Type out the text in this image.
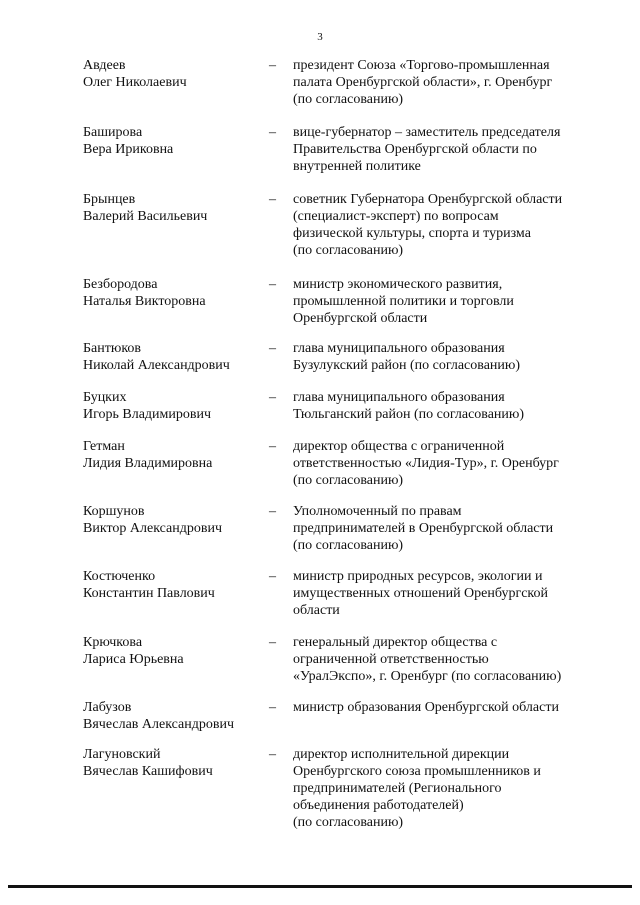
3
Авдеев
Олег Николаевич
– президент Союза «Торгово-промышленная
палата Оренбургской области», г. Оренбург
(по согласованию)
Баширова
Вера Ириковна
– вице-губернатор – заместитель председателя
Правительства Оренбургской области по
внутренней политике
Брынцев
Валерий Васильевич
– советник Губернатора Оренбургской области
(специалист-эксперт) по вопросам
физической культуры, спорта и туризма
(по согласованию)
Безбородова
Наталья Викторовна
– министр экономического развития,
промышленной политики и торговли
Оренбургской области
Бантюков
Николай Александрович
– глава муниципального образования
Бузулукский район (по согласованию)
Буцких
Игорь Владимирович
– глава муниципального образования
Тюльганский район (по согласованию)
Гетман
Лидия Владимировна
– директор общества с ограниченной
ответственностью «Лидия-Тур», г. Оренбург
(по согласованию)
Коршунов
Виктор Александрович
– Уполномоченный по правам
предпринимателей в Оренбургской области
(по согласованию)
Костюченко
Константин Павлович
– министр природных ресурсов, экологии и
имущественных отношений Оренбургской
области
Крючкова
Лариса Юрьевна
– генеральный директор общества с
ограниченной ответственностью
«УралЭкспо», г. Оренбург (по согласованию)
Лабузов
Вячеслав Александрович
– министр образования Оренбургской области
Лагуновский
Вячеслав Кашифович
– директор исполнительной дирекции
Оренбургского союза промышленников и
предпринимателей (Регионального
объединения работодателей)
(по согласованию)
